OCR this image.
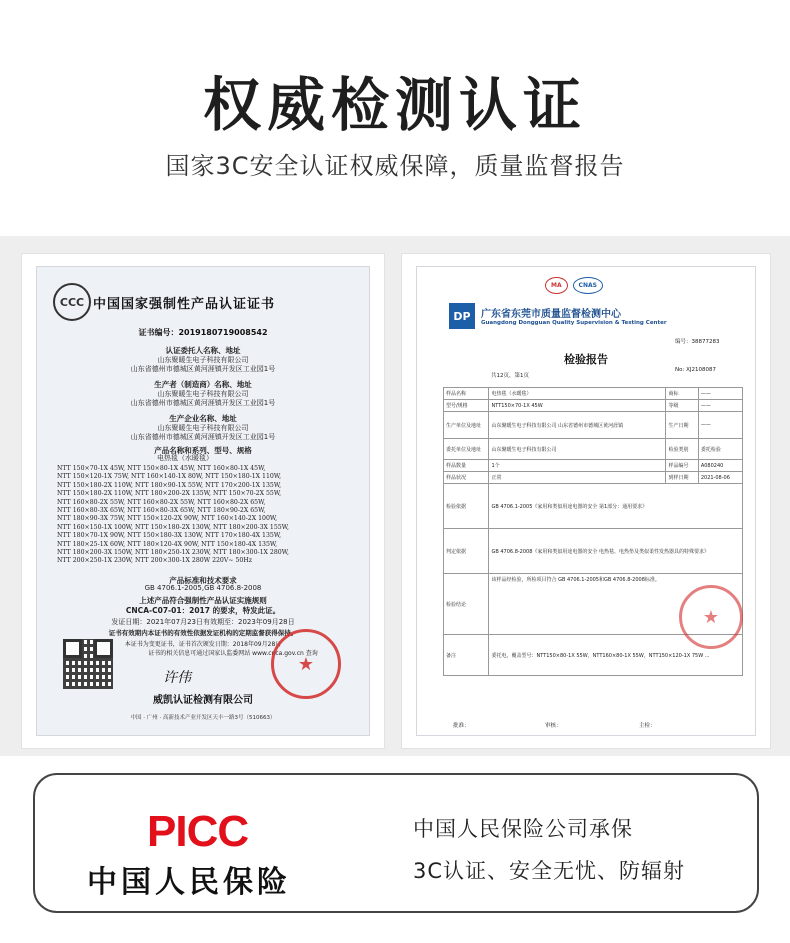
权威检测认证
国家3C安全认证权威保障，质量监督报告
CCC 中国国家强制性产品认证证书
证书编号：2019180719008542
认证委托人名称、地址
山东聚暖生电子科技有限公司
山东省德州市德城区黄河涯镇开发区工业园1号
生产者（制造商）名称、地址
山东聚暖生电子科技有限公司
山东省德州市德城区黄河涯镇开发区工业园1号
生产企业名称、地址
山东聚暖生电子科技有限公司
山东省德州市德城区黄河涯镇开发区工业园1号
产品名称和系列、型号、规格
电热毯（水暖毯）
NTT 150×70-1X 45W, NTT 150×80-1X 45W, NTT 160×80-1X 45W,
NTT 150×120-1X 75W, NTT 160×140-1X 80W, NTT 150×180-1X 110W,
NTT 150×180-2X 110W, NTT 180×90-1X 55W, NTT 170×200-1X 135W,
NTT 150×180-2X 110W, NTT 180×200-2X 135W, NTT 150×70-2X 55W,
NTT 160×80-2X 55W, NTT 160×80-2X 55W, NTT 160×80-2X 65W,
NTT 160×80-3X 65W, NTT 160×80-3X 65W, NTT 180×90-2X 65W,
NTT 180×90-3X 75W, NTT 150×120-2X 90W, NTT 160×140-2X 100W,
NTT 160×150-1X 100W, NTT 150×180-2X 130W, NTT 180×200-3X 155W,
NTT 180×70-1X 90W, NTT 150×180-3X 130W, NTT 170×180-4X 135W,
NTT 180×25-1X 60W, NTT 180×120-4X 90W, NTT 150×180-4X 135W,
NTT 180×200-3X 150W, NTT 180×250-1X 230W, NTT 180×300-1X 280W,
NTT 200×250-1X 230W, NTT 200×300-1X 280W 220V~ 50Hz
产品标准和技术要求
GB 4706.1-2005,GB 4706.8-2008
上述产品符合强制性产品认证实施规则
CNCA-C07-01：2017 的要求，特发此证。
发证日期：2021年07月23日有效期至：2023年09月28日
证书有效期内本证书的有效性依据发证机构的定期监督获得保持。
本证书为变更证书，证书首次颁发日期：2018年09月28日
证书的相关信息可通过国家认监委网站 www.cnca.gov.cn 查询
许伟
★
威凯认证检测有限公司
中国 · 广州 · 高新技术产业开发区天丰一路3号（510663）
MA	CNAS
DP	广东省东莞市质量监督检测中心
Guangdong Dongguan Quality Supervision & Testing Center
编号：38877283
检验报告
共12页，第1页
No: XJ2108087
样品名称	电热毯（水暖毯）	商标	——
型号/规格	NTT150×70-1X 45W	等级	——
生产单位及地址	山东聚暖生电子科技有限公司 山东省德州市德城区黄河涯镇	生产日期	——
委托单位及地址	山东聚暖生电子科技有限公司	检验类别	委托检验
样品数量	1个	样品编号	A080240
样品状况	正常	到样日期	2021-08-06
检验依据	GB 4706.1-2005《家用和类似用途电器的安全 第1部分：通用要求》		
判定依据	GB 4706.8-2008《家用和类似用途电器的安全 电热毯、电热垫及类似柔性发热器具的特殊要求》		
检验结论	该样品经检验，所检项目符合 GB 4706.1-2005和GB 4706.8-2008标准。		
备注	委托电，覆盖型号：NTT150×80-1X 55W，NTT160×80-1X 55W，NTT150×120-1X 75W ...		
★
批准：	审核：	主检：
PICC
中国人民保险
中国人民保险公司承保
3C认证、安全无忧、防辐射
